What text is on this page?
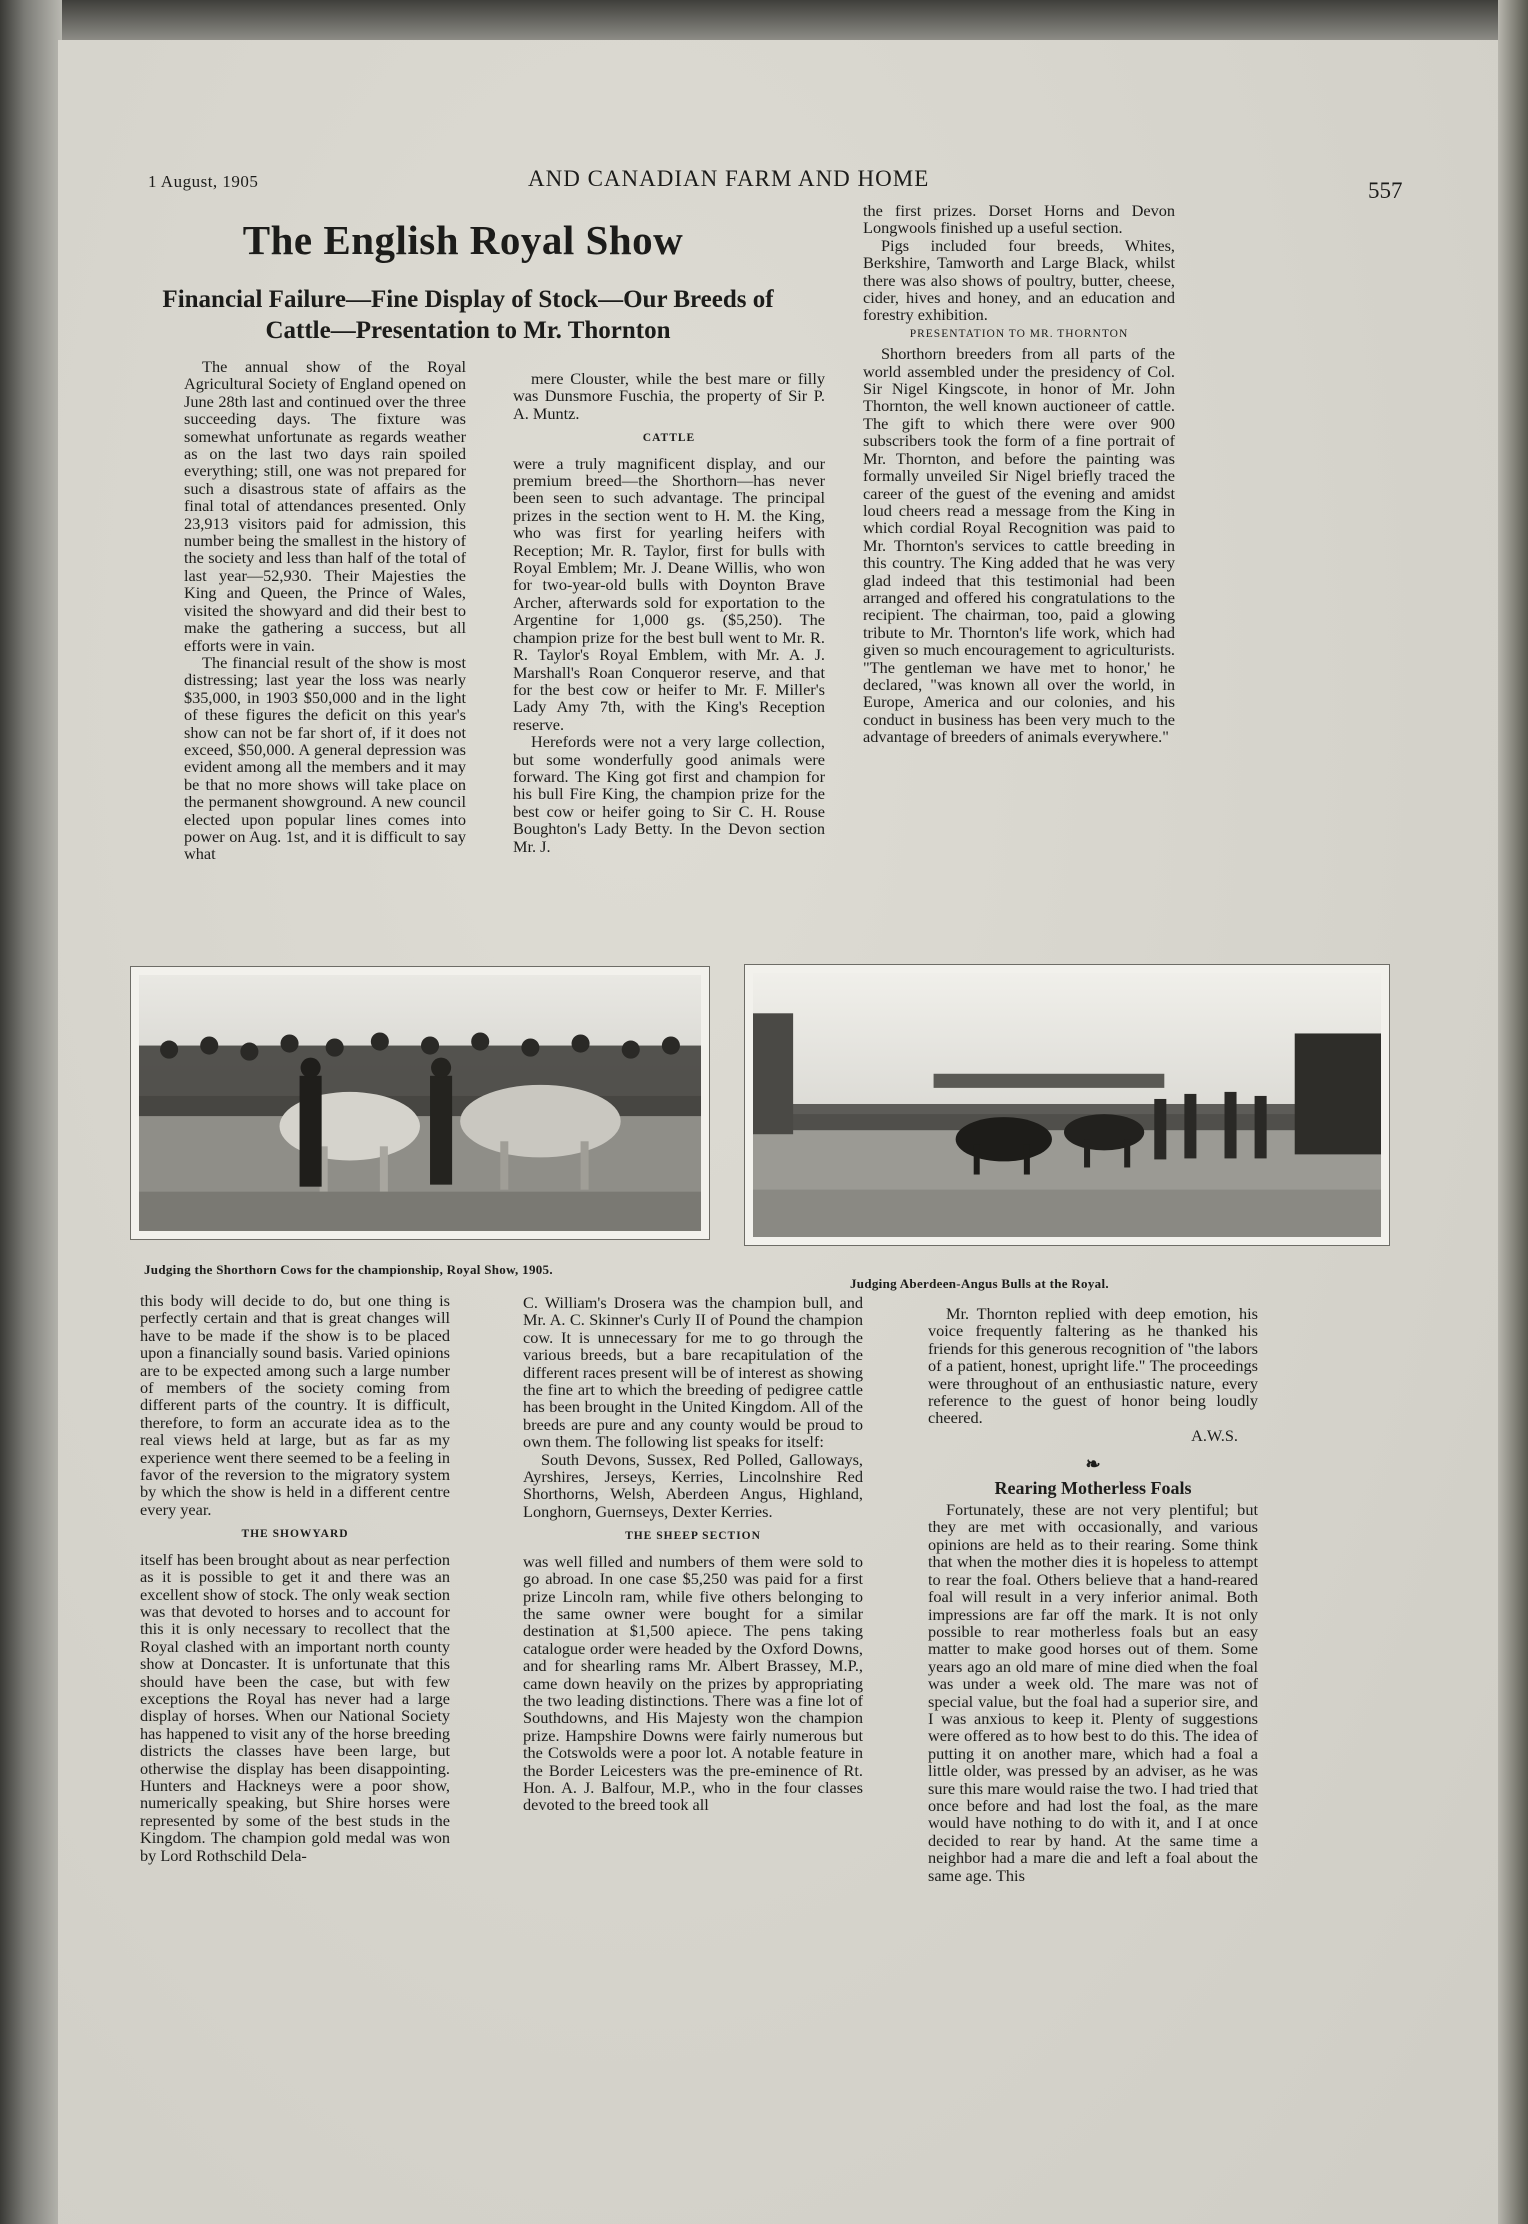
1 August, 1905	AND CANADIAN FARM AND HOME	557
The English Royal Show
Financial Failure—Fine Display of Stock—Our Breeds of
Cattle—Presentation to Mr. Thornton

The annual show of the Royal Agricultural Society of England opened on June 28th last and continued over the three succeeding days. The fixture was somewhat unfortunate as regards weather as on the last two days rain spoiled everything; still, one was not prepared for such a disastrous state of affairs as the final total of attendances presented. Only 23,913 visitors paid for admission, this number being the smallest in the history of the society and less than half of the total of last year—52,930. Their Majesties the King and Queen, the Prince of Wales, visited the showyard and did their best to make the gathering a success, but all efforts were in vain.

The financial result of the show is most distressing; last year the loss was nearly $35,000, in 1903 $50,000 and in the light of these figures the deficit on this year's show can not be far short of, if it does not exceed, $50,000. A general depression was evident among all the members and it may be that no more shows will take place on the permanent showground. A new council elected upon popular lines comes into power on Aug. 1st, and it is difficult to say what

mere Clouster, while the best mare or filly was Dunsmore Fuschia, the property of Sir P. A. Muntz.

CATTLE

were a truly magnificent display, and our premium breed—the Shorthorn—has never been seen to such advantage. The principal prizes in the section went to H. M. the King, who was first for yearling heifers with Reception; Mr. R. Taylor, first for bulls with Royal Emblem; Mr. J. Deane Willis, who won for two-year-old bulls with Doynton Brave Archer, afterwards sold for exportation to the Argentine for 1,000 gs. ($5,250). The champion prize for the best bull went to Mr. R. R. Taylor's Royal Emblem, with Mr. A. J. Marshall's Roan Conqueror reserve, and that for the best cow or heifer to Mr. F. Miller's Lady Amy 7th, with the King's Reception reserve.

Herefords were not a very large collection, but some wonderfully good animals were forward. The King got first and champion for his bull Fire King, the champion prize for the best cow or heifer going to Sir C. H. Rouse Boughton's Lady Betty. In the Devon section Mr. J.

the first prizes. Dorset Horns and Devon Longwools finished up a useful section.

Pigs included four breeds, Whites, Berkshire, Tamworth and Large Black, whilst there was also shows of poultry, butter, cheese, cider, hives and honey, and an education and forestry exhibition.

PRESENTATION TO MR. THORNTON

Shorthorn breeders from all parts of the world assembled under the presidency of Col. Sir Nigel Kingscote, in honor of Mr. John Thornton, the well known auctioneer of cattle. The gift to which there were over 900 subscribers took the form of a fine portrait of Mr. Thornton, and before the painting was formally unveiled Sir Nigel briefly traced the career of the guest of the evening and amidst loud cheers read a message from the King in which cordial Royal Recognition was paid to Mr. Thornton's services to cattle breeding in this country. The King added that he was very glad indeed that this testimonial had been arranged and offered his congratulations to the recipient. The chairman, too, paid a glowing tribute to Mr. Thornton's life work, which had given so much encouragement to agriculturists. "The gentleman we have met to honor,' he declared, "was known all over the world, in Europe, America and our colonies, and his conduct in business has been very much to the advantage of breeders of animals everywhere."

Judging the Shorthorn Cows for the championship, Royal Show, 1905.
Judging Aberdeen-Angus Bulls at the Royal.

this body will decide to do, but one thing is perfectly certain and that is great changes will have to be made if the show is to be placed upon a financially sound basis. Varied opinions are to be expected among such a large number of members of the society coming from different parts of the country. It is difficult, therefore, to form an accurate idea as to the real views held at large, but as far as my experience went there seemed to be a feeling in favor of the reversion to the migratory system by which the show is held in a different centre every year.

THE SHOWYARD

itself has been brought about as near perfection as it is possible to get it and there was an excellent show of stock. The only weak section was that devoted to horses and to account for this it is only necessary to recollect that the Royal clashed with an important north county show at Doncaster. It is unfortunate that this should have been the case, but with few exceptions the Royal has never had a large display of horses. When our National Society has happened to visit any of the horse breeding districts the classes have been large, but otherwise the display has been disappointing. Hunters and Hackneys were a poor show, numerically speaking, but Shire horses were represented by some of the best studs in the Kingdom. The champion gold medal was won by Lord Rothschild Dela-

C. William's Drosera was the champion bull, and Mr. A. C. Skinner's Curly II of Pound the champion cow. It is unnecessary for me to go through the various breeds, but a bare recapitulation of the different races present will be of interest as showing the fine art to which the breeding of pedigree cattle has been brought in the United Kingdom. All of the breeds are pure and any county would be proud to own them. The following list speaks for itself:

South Devons, Sussex, Red Polled, Galloways, Ayrshires, Jerseys, Kerries, Lincolnshire Red Shorthorns, Welsh, Aberdeen Angus, Highland, Longhorn, Guernseys, Dexter Kerries.

THE SHEEP SECTION

was well filled and numbers of them were sold to go abroad. In one case $5,250 was paid for a first prize Lincoln ram, while five others belonging to the same owner were bought for a similar destination at $1,500 apiece. The pens taking catalogue order were headed by the Oxford Downs, and for shearling rams Mr. Albert Brassey, M.P., came down heavily on the prizes by appropriating the two leading distinctions. There was a fine lot of Southdowns, and His Majesty won the champion prize. Hampshire Downs were fairly numerous but the Cotswolds were a poor lot. A notable feature in the Border Leicesters was the pre-eminence of Rt. Hon. A. J. Balfour, M.P., who in the four classes devoted to the breed took all

Mr. Thornton replied with deep emotion, his voice frequently faltering as he thanked his friends for this generous recognition of "the labors of a patient, honest, upright life." The proceedings were throughout of an enthusiastic nature, every reference to the guest of honor being loudly cheered.

A.W.S.
❧
Rearing Motherless Foals

Fortunately, these are not very plentiful; but they are met with occasionally, and various opinions are held as to their rearing. Some think that when the mother dies it is hopeless to attempt to rear the foal. Others believe that a hand-reared foal will result in a very inferior animal. Both impressions are far off the mark. It is not only possible to rear motherless foals but an easy matter to make good horses out of them. Some years ago an old mare of mine died when the foal was under a week old. The mare was not of special value, but the foal had a superior sire, and I was anxious to keep it. Plenty of suggestions were offered as to how best to do this. The idea of putting it on another mare, which had a foal a little older, was pressed by an adviser, as he was sure this mare would raise the two. I had tried that once before and had lost the foal, as the mare would have nothing to do with it, and I at once decided to rear by hand. At the same time a neighbor had a mare die and left a foal about the same age. This
